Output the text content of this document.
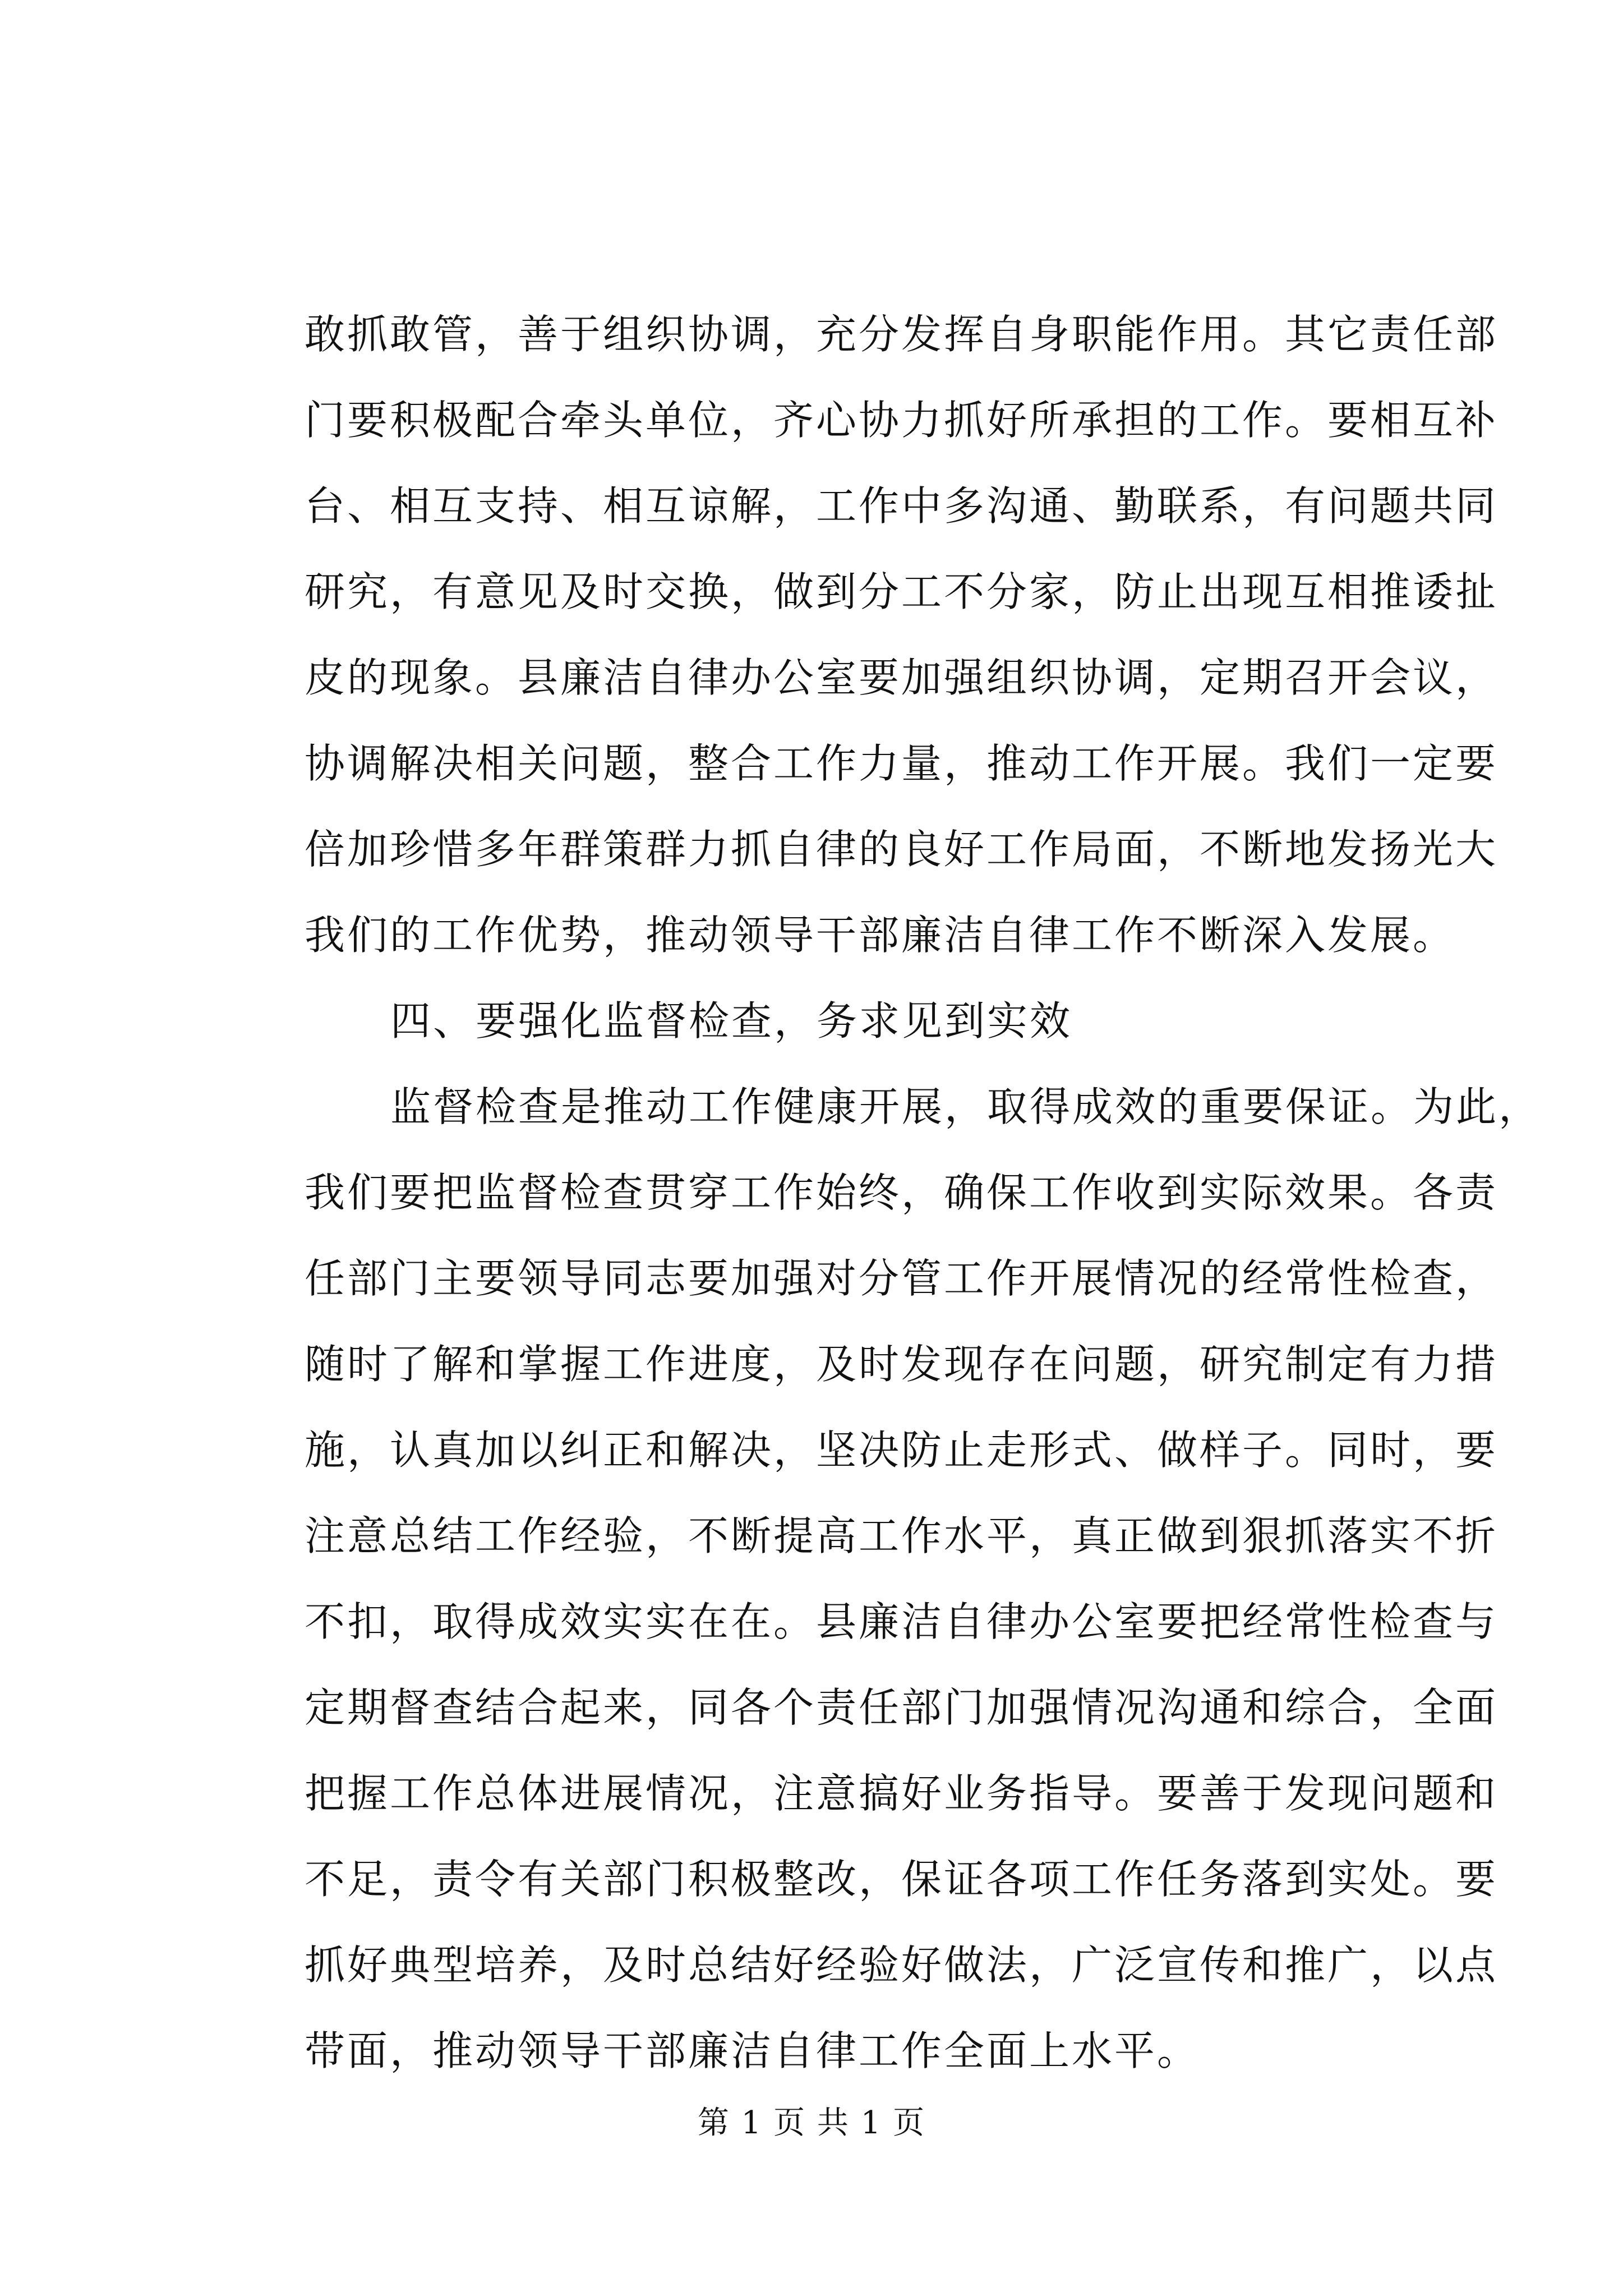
敢抓敢管，善于组织协调，充分发挥自身职能作用。其它责任部
门要积极配合牵头单位，齐心协力抓好所承担的工作。要相互补
台、相互支持、相互谅解，工作中多沟通、勤联系，有问题共同
研究，有意见及时交换，做到分工不分家，防止出现互相推诿扯
皮的现象。县廉洁自律办公室要加强组织协调，定期召开会议，
协调解决相关问题，整合工作力量，推动工作开展。我们一定要
倍加珍惜多年群策群力抓自律的良好工作局面，不断地发扬光大
我们的工作优势，推动领导干部廉洁自律工作不断深入发展。
四、要强化监督检查，务求见到实效
监督检查是推动工作健康开展，取得成效的重要保证。为此，
我们要把监督检查贯穿工作始终，确保工作收到实际效果。各责
任部门主要领导同志要加强对分管工作开展情况的经常性检查，
随时了解和掌握工作进度，及时发现存在问题，研究制定有力措
施，认真加以纠正和解决，坚决防止走形式、做样子。同时，要
注意总结工作经验，不断提高工作水平，真正做到狠抓落实不折
不扣，取得成效实实在在。县廉洁自律办公室要把经常性检查与
定期督查结合起来，同各个责任部门加强情况沟通和综合，全面
把握工作总体进展情况，注意搞好业务指导。要善于发现问题和
不足，责令有关部门积极整改，保证各项工作任务落到实处。要
抓好典型培养，及时总结好经验好做法，广泛宣传和推广，以点
带面，推动领导干部廉洁自律工作全面上水平。
第 1 页 共 1 页
